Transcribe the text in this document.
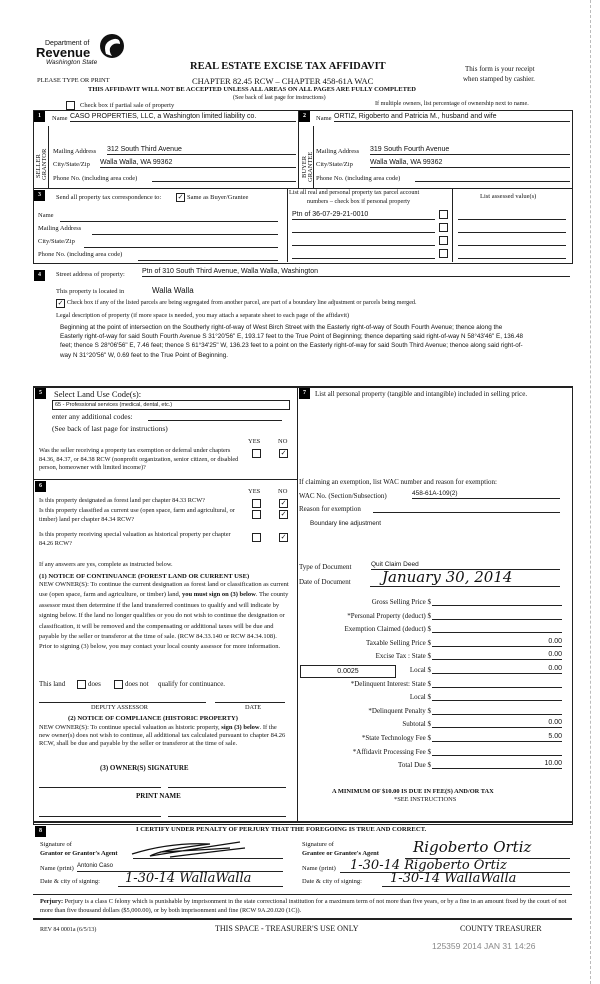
Department of
Revenue
Washington State	REAL ESTATE EXCISE TAX AFFIDAVIT
CHAPTER 82.45 RCW – CHAPTER 458-61A WAC
PLEASE TYPE OR PRINT
This form is your receipt
when stamped by cashier.
THIS AFFIDAVIT WILL NOT BE ACCEPTED UNLESS ALL AREAS ON ALL PAGES ARE FULLY COMPLETED
(See back of last page for instructions)
Check box if partial sale of property	If multiple owners, list percentage of ownership next to name.
1
SELLER GRANTOR
Name CASO PROPERTIES, LLC, a Washington limited liability co.
Mailing Address 312 South Third Avenue
City/State/Zip Walla Walla, WA 99362
Phone No. (including area code)
2
BUYER GRANTEE
Name ORTIZ, Rigoberto and Patricia M., husband and wife
Mailing Address 319 South Fourth Avenue
City/State/Zip Walla Walla, WA 99362
Phone No. (including area code)
3	Send all property tax correspondence to: ✓ Same as Buyer/Grantee
Name
Mailing Address
City/State/Zip
Phone No. (including area code)
List all real and personal property tax parcel account
numbers – check box if personal property
List assessed value(s)
Ptn of 36-07-29-21-0010
4	Street address of property: Ptn of 310 South Third Avenue, Walla Walla, Washington
This property is located in	Walla Walla
✓ Check box if any of the listed parcels are being segregated from another parcel, are part of a boundary line adjustment or parcels being merged.
Legal description of property (if more space is needed, you may attach a separate sheet to each page of the affidavit)
Beginning at the point of intersection on the Southerly right-of-way of West Birch Street with the Easterly right-of-way of South Fourth Avenue; thence along the Easterly right-of-way for said South Fourth Avenue S 31°20'56" E, 193.17 feet to the True Point of Beginning; thence departing said right-of-way N 58°43'46" E, 136.48 feet; thence S 28°06'56" E, 7.46 feet; thence S 61°34'25" W, 136.23 feet to a point on the Easterly right-of-way for said South Third Avenue; thence along said right-of-way N 31°20'56" W, 0.69 feet to the True Point of Beginning.
5	Select Land Use Code(s):
65 - Professional services (medical, dental, etc.)
enter any additional codes:
(See back of last page for instructions)
YES	NO
Was the seller receiving a property tax exemption or deferral under chapters 84.36, 84.37, or 84.38 RCW (nonprofit organization, senior citizen, or disabled person, homeowner with limited income)?
✓
6
YES	NO
Is this property designated as forest land per chapter 84.33 RCW?	✓
Is this property classified as current use (open space, farm and agricultural, or timber) land per chapter 84.34 RCW?
✓
Is this property receiving special valuation as historical property per chapter 84.26 RCW?
✓
If any answers are yes, complete as instructed below.
(1) NOTICE OF CONTINUANCE (FOREST LAND OR CURRENT USE)
NEW OWNER(S): To continue the current designation as forest land or classification as current use (open space, farm and agriculture, or timber) land, you must sign on (3) below. The county assessor must then determine if the land transferred continues to qualify and will indicate by signing below. If the land no longer qualifies or you do not wish to continue the designation or classification, it will be removed and the compensating or additional taxes will be due and payable by the seller or transferor at the time of sale. (RCW 84.33.140 or RCW 84.34.108). Prior to signing (3) below, you may contact your local county assessor for more information.
This land	does	does not qualify for continuance.
DEPUTY ASSESSOR	DATE
(2) NOTICE OF COMPLIANCE (HISTORIC PROPERTY)
NEW OWNER(S): To continue special valuation as historic property, sign (3) below. If the new owner(s) does not wish to continue, all additional tax calculated pursuant to chapter 84.26 RCW, shall be due and payable by the seller or transferor at the time of sale.
(3) OWNER(S) SIGNATURE
PRINT NAME
7	List all personal property (tangible and intangible) included in selling price.
If claiming an exemption, list WAC number and reason for exemption:
WAC No. (Section/Subsection)	458-61A-109(2)
Reason for exemption
Boundary line adjustment
Type of Document	Quit Claim Deed
Date of Document January 30, 2014
Gross Selling Price $
*Personal Property (deduct) $
Exemption Claimed (deduct) $
Taxable Selling Price $	0.00
Excise Tax : State $	0.00
Local $	0.00
*Delinquent Interest: State $
Local $
*Delinquent Penalty $
Subtotal $	0.00
*State Technology Fee $	5.00
*Affidavit Processing Fee $
Total Due $	10.00
0.0025
A MINIMUM OF $10.00 IS DUE IN FEE(S) AND/OR TAX
*SEE INSTRUCTIONS
8	I CERTIFY UNDER PENALTY OF PERJURY THAT THE FOREGOING IS TRUE AND CORRECT.
Signature of
Grantor or Grantor's Agent
Name (print) Antonio Caso
Date & city of signing: 1-30-14 WallaWalla
Signature of
Grantee or Grantee's Agent Rigoberto Ortiz
Name (print) 1-30-14 Rigoberto Ortiz
Date & city of signing: 1-30-14 WallaWalla
Perjury: Perjury is a class C felony which is punishable by imprisonment in the state correctional institution for a maximum term of not more than five years, or by a fine in an amount fixed by the court of not more than five thousand dollars ($5,000.00), or by both imprisonment and fine (RCW 9A.20.020 (1C)).
REV 84 0001a (6/5/13)	THIS SPACE - TREASURER'S USE ONLY	COUNTY TREASURER
125359 2014 JAN 31 14:26
